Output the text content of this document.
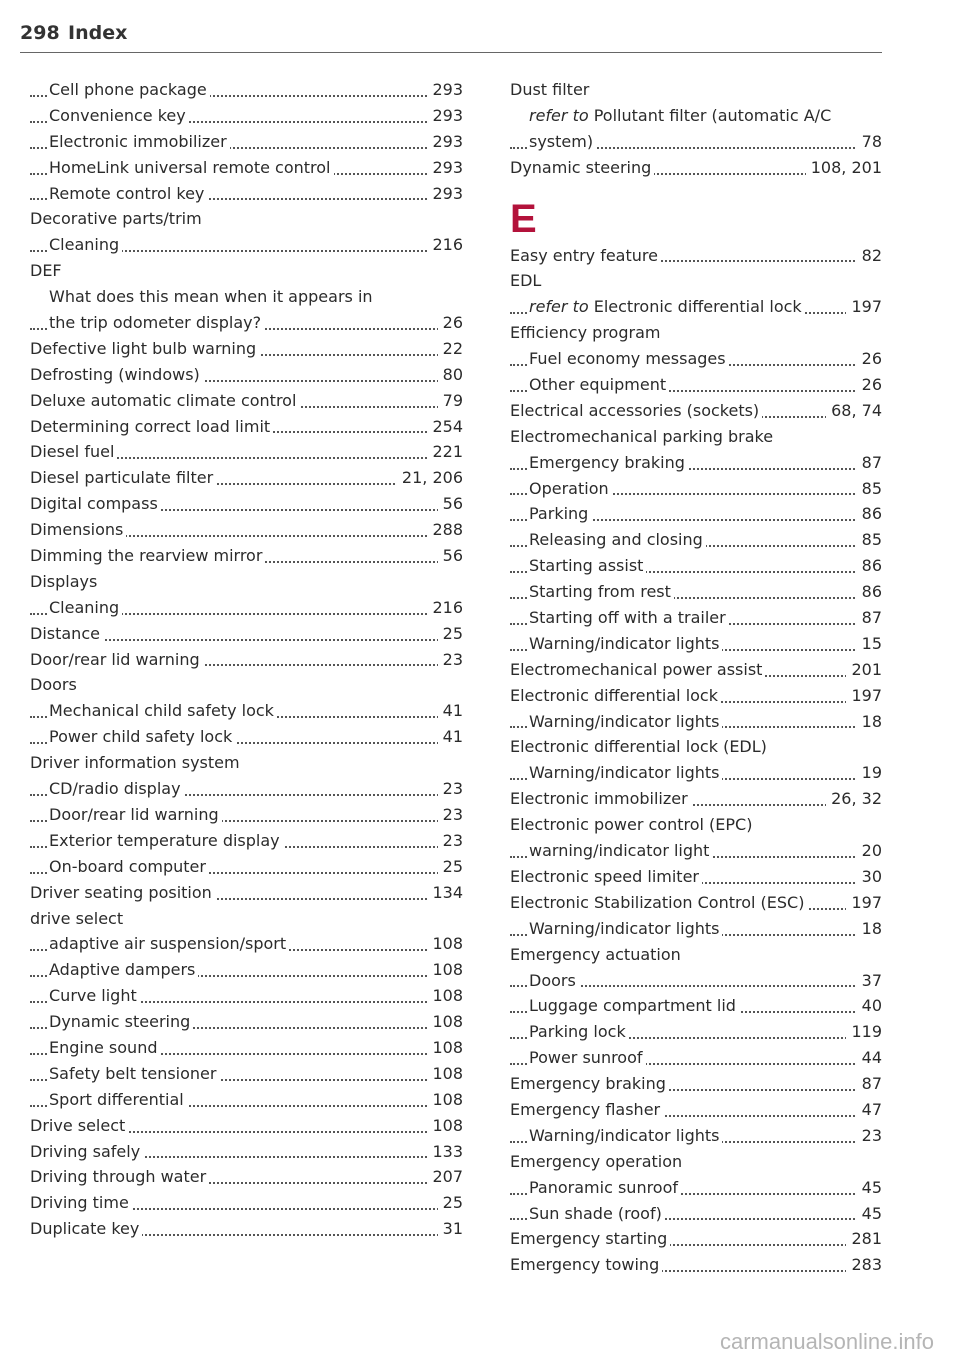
298 Index
Cell phone package	293
Convenience key	293
Electronic immobilizer	293
HomeLink universal remote control	293
Remote control key	293
Decorative parts/trim
Cleaning	216
DEF
What does this mean when it appears in
the trip odometer display?	26
Defective light bulb warning	22
Defrosting (windows)	80
Deluxe automatic climate control	79
Determining correct load limit	254
Diesel fuel	221
Diesel particulate filter	21, 206
Digital compass	56
Dimensions	288
Dimming the rearview mirror	56
Displays
Cleaning	216
Distance	25
Door/rear lid warning	23
Doors
Mechanical child safety lock	41
Power child safety lock	41
Driver information system
CD/radio display	23
Door/rear lid warning	23
Exterior temperature display	23
On-board computer	25
Driver seating position	134
drive select
adaptive air suspension/sport	108
Adaptive dampers	108
Curve light	108
Dynamic steering	108
Engine sound	108
Safety belt tensioner	108
Sport differential	108
Drive select	108
Driving safely	133
Driving through water	207
Driving time	25
Duplicate key	31
Dust filter
refer to Pollutant filter (automatic A/C
system)	78
Dynamic steering	108, 201
E
Easy entry feature	82
EDL
refer to Electronic differential lock	197
Efficiency program
Fuel economy messages	26
Other equipment	26
Electrical accessories (sockets)	68, 74
Electromechanical parking brake
Emergency braking	87
Operation	85
Parking	86
Releasing and closing	85
Starting assist	86
Starting from rest	86
Starting off with a trailer	87
Warning/indicator lights	15
Electromechanical power assist	201
Electronic differential lock	197
Warning/indicator lights	18
Electronic differential lock (EDL)
Warning/indicator lights	19
Electronic immobilizer	26, 32
Electronic power control (EPC)
warning/indicator light	20
Electronic speed limiter	30
Electronic Stabilization Control (ESC)	197
Warning/indicator lights	18
Emergency actuation
Doors	37
Luggage compartment lid	40
Parking lock	119
Power sunroof	44
Emergency braking	87
Emergency flasher	47
Warning/indicator lights	23
Emergency operation
Panoramic sunroof	45
Sun shade (roof)	45
Emergency starting	281
Emergency towing	283
carmanualsonline.info
